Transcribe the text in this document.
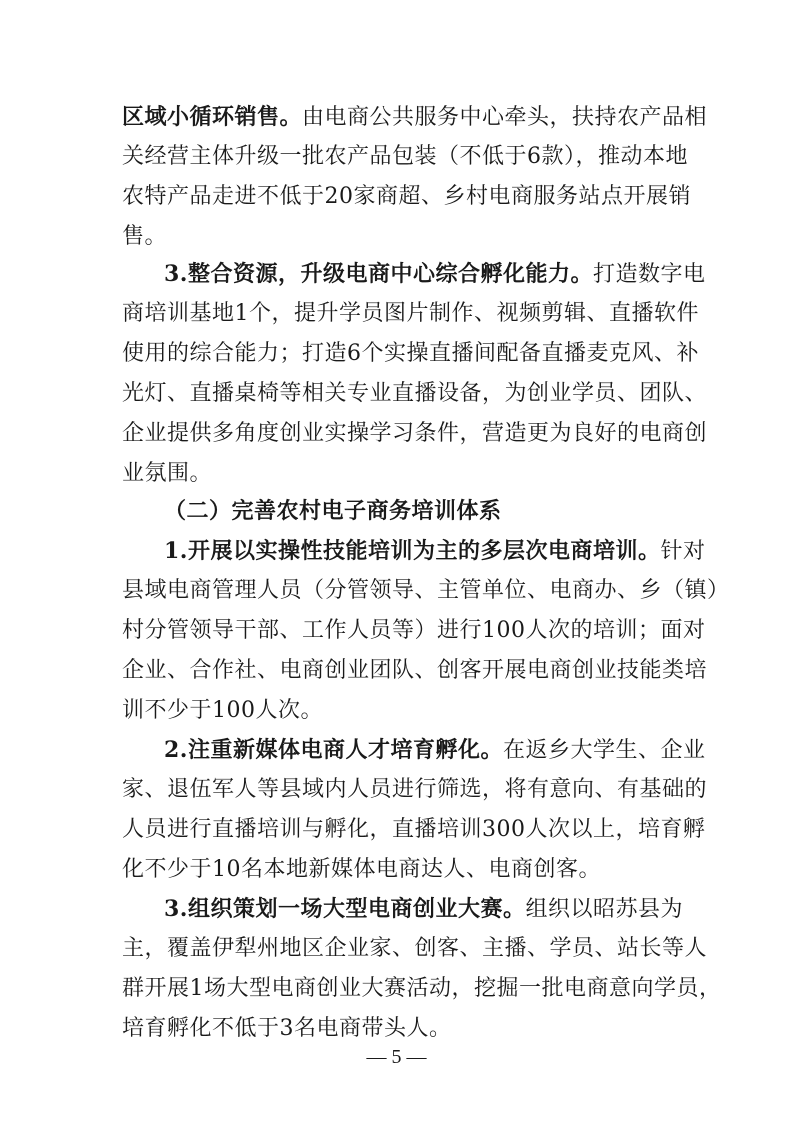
区域小循环销售。由电商公共服务中心牵头，扶持农产品相
关经营主体升级一批农产品包装（不低于6款），推动本地
农特产品走进不低于20家商超、乡村电商服务站点开展销
售。
3.整合资源，升级电商中心综合孵化能力。打造数字电
商培训基地1个，提升学员图片制作、视频剪辑、直播软件
使用的综合能力；打造6个实操直播间配备直播麦克风、补
光灯、直播桌椅等相关专业直播设备，为创业学员、团队、
企业提供多角度创业实操学习条件，营造更为良好的电商创
业氛围。
（二）完善农村电子商务培训体系
1.开展以实操性技能培训为主的多层次电商培训。针对
县域电商管理人员（分管领导、主管单位、电商办、乡（镇）
村分管领导干部、工作人员等）进行100人次的培训；面对
企业、合作社、电商创业团队、创客开展电商创业技能类培
训不少于100人次。
2.注重新媒体电商人才培育孵化。在返乡大学生、企业
家、退伍军人等县域内人员进行筛选，将有意向、有基础的
人员进行直播培训与孵化，直播培训300人次以上，培育孵
化不少于10名本地新媒体电商达人、电商创客。
3.组织策划一场大型电商创业大赛。组织以昭苏县为
主，覆盖伊犁州地区企业家、创客、主播、学员、站长等人
群开展1场大型电商创业大赛活动，挖掘一批电商意向学员，
培育孵化不低于3名电商带头人。
— 5 —
